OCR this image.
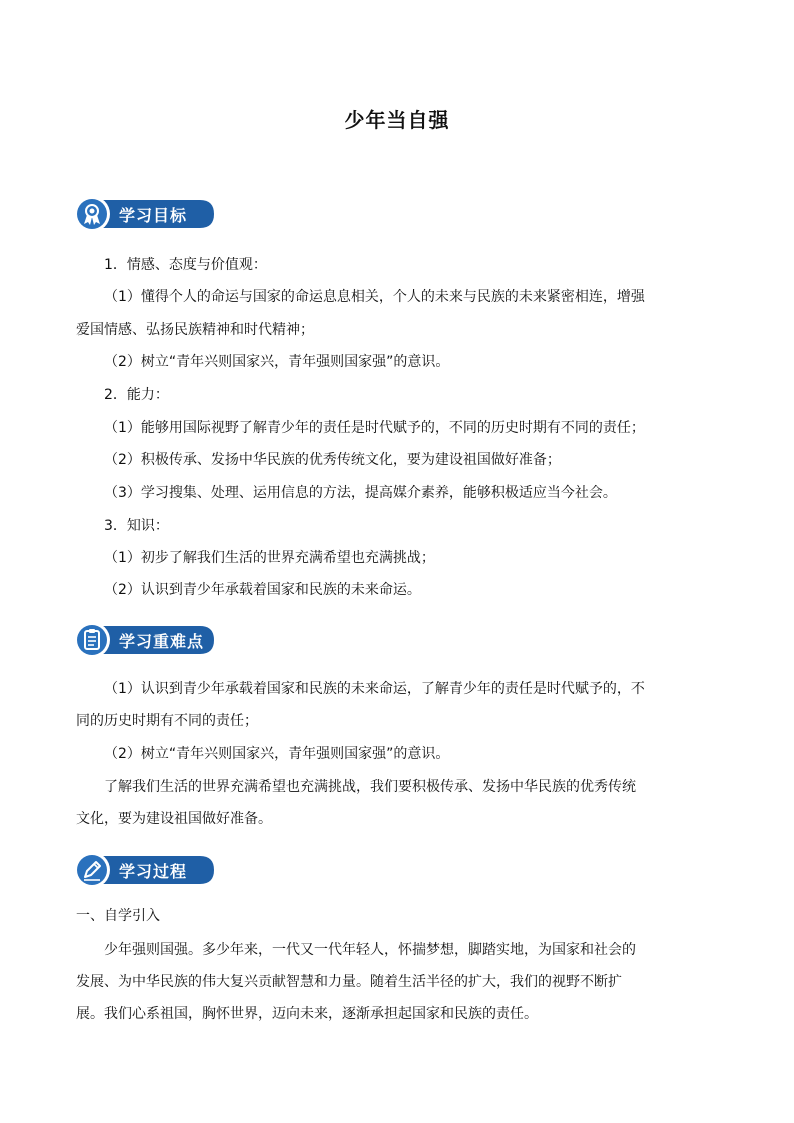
少年当自强
学习目标
1．情感、态度与价值观：
（1）懂得个人的命运与国家的命运息息相关，个人的未来与民族的未来紧密相连，增强
爱国情感、弘扬民族精神和时代精神；
（2）树立“青年兴则国家兴，青年强则国家强”的意识。
2．能力：
（1）能够用国际视野了解青少年的责任是时代赋予的，不同的历史时期有不同的责任；
（2）积极传承、发扬中华民族的优秀传统文化，要为建设祖国做好准备；
（3）学习搜集、处理、运用信息的方法，提高媒介素养，能够积极适应当今社会。
3．知识：
（1）初步了解我们生活的世界充满希望也充满挑战；
（2）认识到青少年承载着国家和民族的未来命运。
学习重难点
（1）认识到青少年承载着国家和民族的未来命运，了解青少年的责任是时代赋予的，不
同的历史时期有不同的责任；
（2）树立“青年兴则国家兴，青年强则国家强”的意识。
了解我们生活的世界充满希望也充满挑战，我们要积极传承、发扬中华民族的优秀传统
文化，要为建设祖国做好准备。
学习过程
一、自学引入
少年强则国强。多少年来，一代又一代年轻人，怀揣梦想，脚踏实地，为国家和社会的
发展、为中华民族的伟大复兴贡献智慧和力量。随着生活半径的扩大，我们的视野不断扩
展。我们心系祖国，胸怀世界，迈向未来，逐渐承担起国家和民族的责任。
